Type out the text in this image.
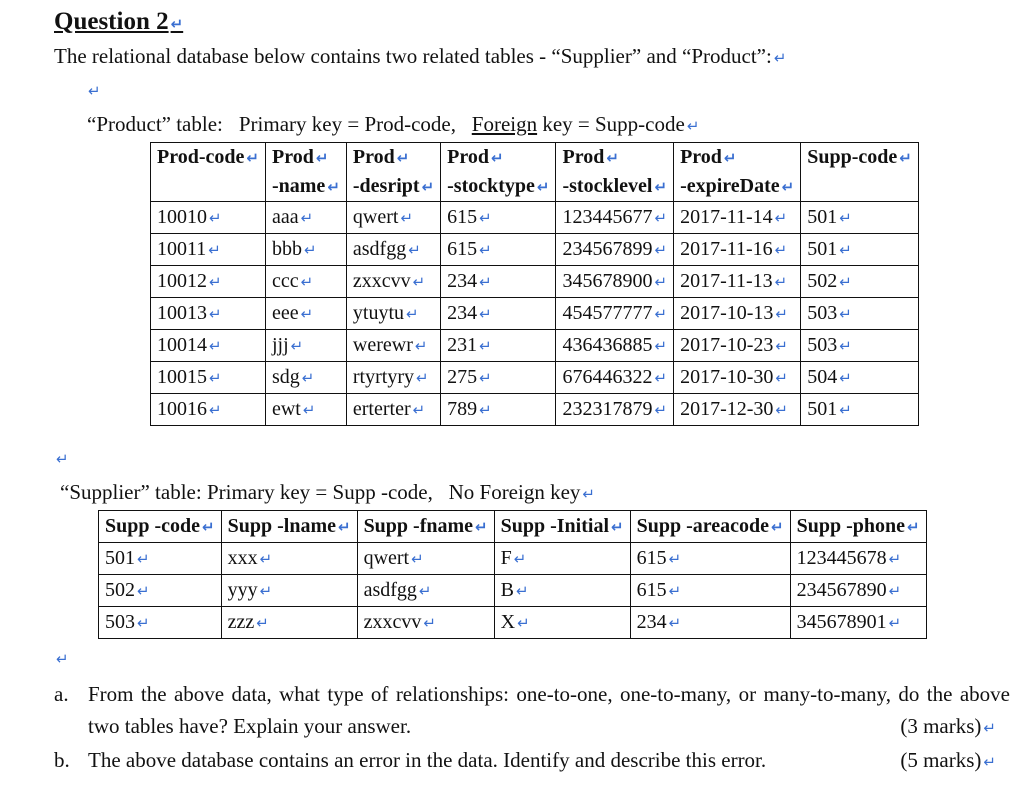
Question 2 ↵
The relational database below contains two related tables - “Supplier” and “Product”: ↵
↵
“Product” table: Primary key = Prod-code, Foreign key = Supp-code ↵
Prod-code ↵	Prod ↵	Prod ↵	Prod ↵	Prod ↵	Prod ↵	Supp-code ↵
	-name ↵	-desript ↵	-stocktype ↵	-stocklevel ↵	-expireDate ↵	
10010 ↵	aaa ↵	qwert ↵	615 ↵	123445677 ↵	2017-11-14 ↵	501 ↵
10011 ↵	bbb ↵	asdfgg ↵	615 ↵	234567899 ↵	2017-11-16 ↵	501 ↵
10012 ↵	ccc ↵	zxxcvv ↵	234 ↵	345678900 ↵	2017-11-13 ↵	502 ↵
10013 ↵	eee ↵	ytuytu ↵	234 ↵	454577777 ↵	2017-10-13 ↵	503 ↵
10014 ↵	jjj ↵	werewr ↵	231 ↵	436436885 ↵	2017-10-23 ↵	503 ↵
10015 ↵	sdg ↵	rtyrtyry ↵	275 ↵	676446322 ↵	2017-10-30 ↵	504 ↵
10016 ↵	ewt ↵	erterter ↵	789 ↵	232317879 ↵	2017-12-30 ↵	501 ↵
↵
“Supplier” table: Primary key = Supp -code, No Foreign key ↵
Supp -code ↵	Supp -lname ↵	Supp -fname ↵	Supp -Initial ↵	Supp -areacode ↵	Supp -phone ↵
501 ↵	xxx ↵	qwert ↵	F ↵	615 ↵	123445678 ↵
502 ↵	yyy ↵	asdfgg ↵	B ↵	615 ↵	234567890 ↵
503 ↵	zzz ↵	zxxcvv ↵	X ↵	234 ↵	345678901 ↵
↵
a. From the above data, what type of relationships: one-to-one, one-to-many, or many-to-many, do the above two tables have? Explain your answer.	(3 marks) ↵
b. The above database contains an error in the data. Identify and describe this error.	(5 marks) ↵
